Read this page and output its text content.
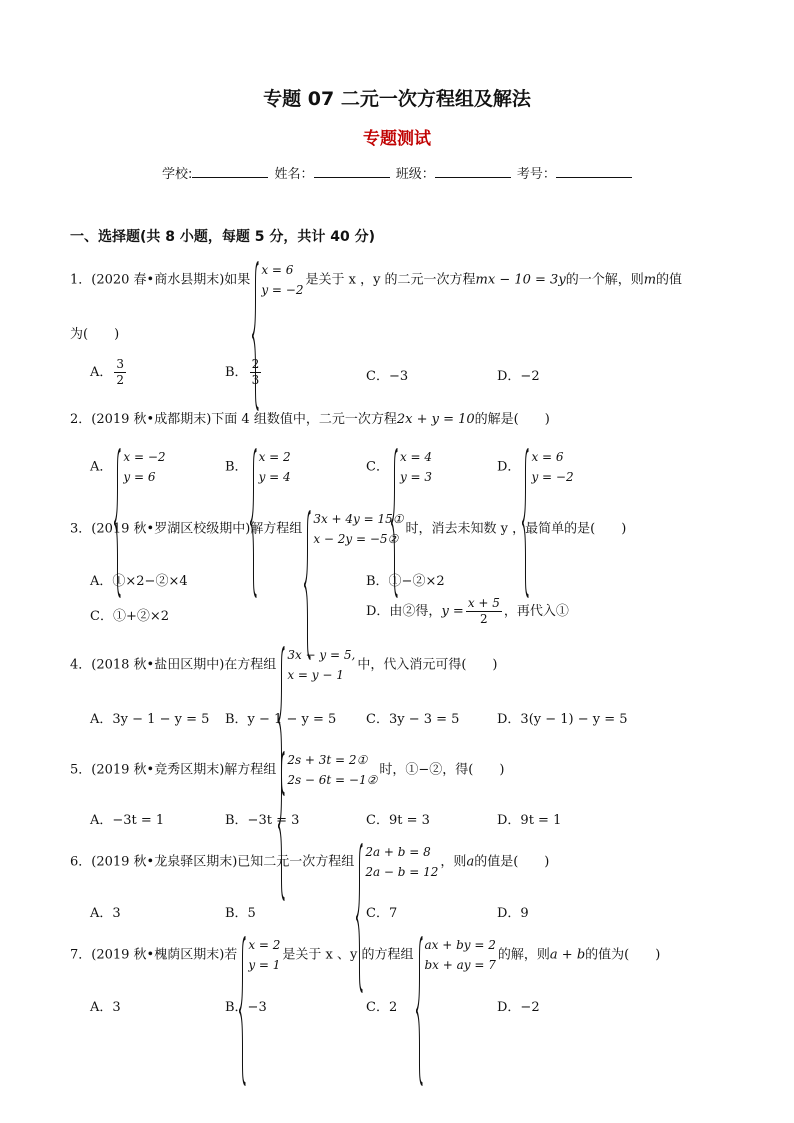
专题 07 二元一次方程组及解法
专题测试
学校:	姓名：	班级：	考号：
一、选择题(共 8 小题，每题 5 分，共计 40 分)
1．(2020 春•商水县期末)如果
x = 6
y = −2
是关于 x ，y 的二元一次方程mx − 10 = 3y的一个解，则m的值
为(　　)
A． $\frac{3}{2}$	B． $\frac{2}{3}$	C．−3	D．−2
2．(2019 秋•成都期末)下面 4 组数值中，二元一次方程2x + y = 10的解是(　　)
A．
x = −2
y = 6
B．
x = 2
y = 4
C．
x = 4
y = 3
D．
x = 6
y = −2
3．(2019 秋•罗湖区校级期中)解方程组
3x + 4y = 15①
x − 2y = −5②
时，消去未知数 y ，最简单的是(　　)
A．①×2−②×4	B．①−②×2
C．①+②×2	D．由②得，$y = \frac{x + 5}{2}$ ，再代入①
4．(2018 秋•盐田区期中)在方程组
3x − y = 5,
x = y − 1
中，代入消元可得(　　)
A．3y − 1 − y = 5 B．y − 1 − y = 5 C．3y − 3 = 5	D．3(y − 1) − y = 5
5．(2019 秋•竞秀区期末)解方程组
2s + 3t = 2①
2s − 6t = −1②
时，①−②，得(　　)
A．−3t = 1	B．−3t = 3	C．9t = 3	D．9t = 1
6．(2019 秋•龙泉驿区期末)已知二元一次方程组
2a + b = 8
2a − b = 12
，则a的值是(　　)
A．3	B．5	C．7	D．9
7．(2019 秋•槐荫区期末)若
x = 2
y = 1
是关于 x 、y 的方程组
ax + by = 2
bx + ay = 7
的解，则a + b的值为(　　)
A．3	B．−3	C．2	D．−2
